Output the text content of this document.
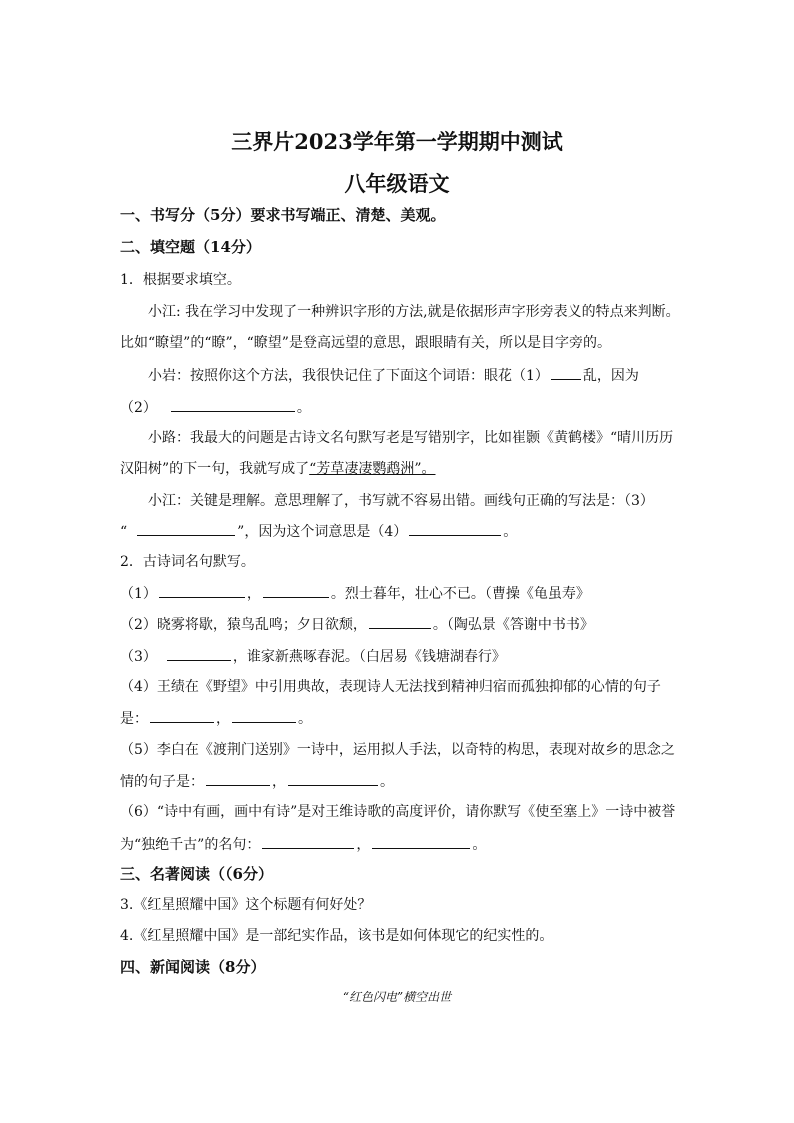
三界片2023学年第一学期期中测试
八年级语文
一、书写分（5分）要求书写端正、清楚、美观。
二、填空题（14分）
1．根据要求填空。
小江: 我在学习中发现了一种辨识字形的方法,就是依据形声字形旁表义的特点来判断。
比如“瞭望”的“瞭”，“瞭望”是登高远望的意思，跟眼睛有关，所以是目字旁的。
小岩：按照你这个方法，我很快记住了下面这个词语：眼花（1） 乱，因为
（2）	。
小路：我最大的问题是古诗文名句默写老是写错别字，比如崔颢《黄鹤楼》“晴川历历
汉阳树”的下一句，我就写成了“芳草凄凄鹦鹉洲”。
小江：关键是理解。意思理解了，书写就不容易出错。画线句正确的写法是：（3）
“	”，因为这个词意思是（4）	。
2．古诗词名句默写。
（1）	，	。烈士暮年，壮心不已。（曹操《龟虽寿》
（2）晓雾将歇，猿鸟乱鸣；夕日欲颓，	。（陶弘景《答谢中书书》
（3）	，谁家新燕啄春泥。（白居易《钱塘湖春行》
（4）王绩在《野望》中引用典故，表现诗人无法找到精神归宿而孤独抑郁的心情的句子
是：	，	。
（5）李白在《渡荆门送别》一诗中，运用拟人手法，以奇特的构思，表现对故乡的思念之
情的句子是：	，	。
（6）“诗中有画，画中有诗”是对王维诗歌的高度评价，请你默写《使至塞上》一诗中被誉
为“独绝千古”的名句：	，	。
三、名著阅读（（6分）
3.《红星照耀中国》这个标题有何好处？
4.《红星照耀中国》是一部纪实作品，该书是如何体现它的纪实性的。
四、新闻阅读（8分）
“红色闪电”横空出世
